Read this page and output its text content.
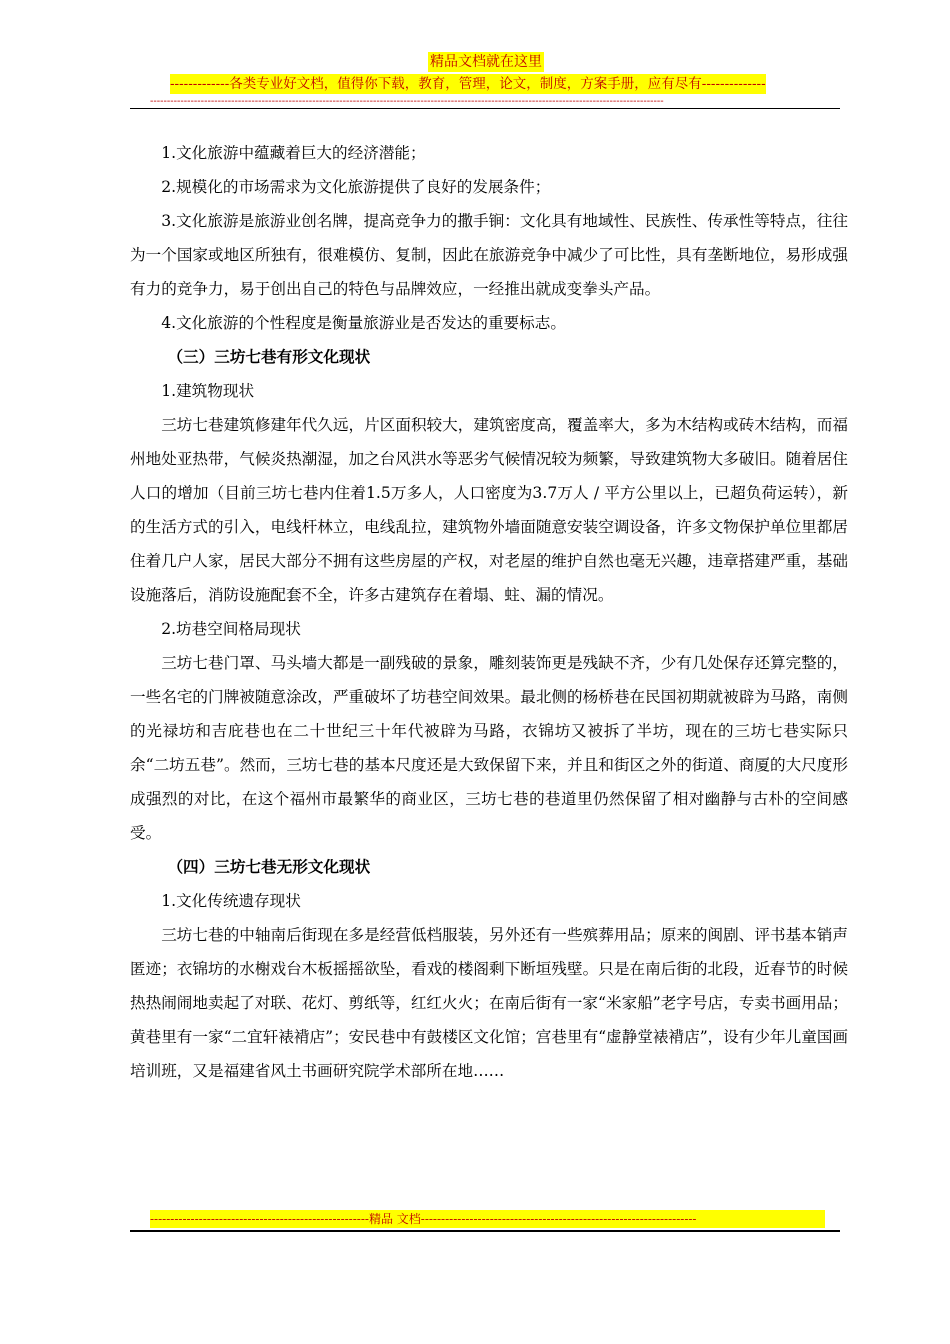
精品文档就在这里
-------------各类专业好文档，值得你下载，教育，管理，论文，制度，方案手册，应有尽有--------------
--------------------------------------------------------------------------------------------------------------------------------------------------------

1.文化旅游中蕴藏着巨大的经济潜能；

2.规模化的市场需求为文化旅游提供了良好的发展条件；

3.文化旅游是旅游业创名牌，提高竞争力的撒手锏：文化具有地域性、民族性、传承性等特点，往往为一个国家或地区所独有，很难模仿、复制，因此在旅游竞争中减少了可比性，具有垄断地位，易形成强有力的竞争力，易于创出自己的特色与品牌效应，一经推出就成变拳头产品。

4.文化旅游的个性程度是衡量旅游业是否发达的重要标志。

（三）三坊七巷有形文化现状

1.建筑物现状

三坊七巷建筑修建年代久远，片区面积较大，建筑密度高，覆盖率大，多为木结构或砖木结构，而福州地处亚热带，气候炎热潮湿，加之台风洪水等恶劣气候情况较为频繁，导致建筑物大多破旧。随着居住人口的增加（目前三坊七巷内住着1.5万多人，人口密度为3.7万人 / 平方公里以上，已超负荷运转），新的生活方式的引入，电线杆林立，电线乱拉，建筑物外墙面随意安装空调设备，许多文物保护单位里都居住着几户人家，居民大部分不拥有这些房屋的产权，对老屋的维护自然也毫无兴趣，违章搭建严重，基础设施落后，消防设施配套不全，许多古建筑存在着塌、蛀、漏的情况。

2.坊巷空间格局现状

三坊七巷门罩、马头墙大都是一副残破的景象，雕刻装饰更是残缺不齐，少有几处保存还算完整的，一些名宅的门牌被随意涂改，严重破坏了坊巷空间效果。最北侧的杨桥巷在民国初期就被辟为马路，南侧的光禄坊和吉庇巷也在二十世纪三十年代被辟为马路，衣锦坊又被拆了半坊，现在的三坊七巷实际只余“二坊五巷”。然而，三坊七巷的基本尺度还是大致保留下来，并且和街区之外的街道、商厦的大尺度形成强烈的对比，在这个福州市最繁华的商业区，三坊七巷的巷道里仍然保留了相对幽静与古朴的空间感受。

（四）三坊七巷无形文化现状

1.文化传统遗存现状

三坊七巷的中轴南后街现在多是经营低档服装，另外还有一些殡葬用品；原来的闽剧、评书基本销声匿迹；衣锦坊的水榭戏台木板摇摇欲坠，看戏的楼阁剩下断垣残壁。只是在南后街的北段，近春节的时候热热闹闹地卖起了对联、花灯、剪纸等，红红火火；在南后街有一家“米家船”老字号店，专卖书画用品；黄巷里有一家“二宜轩裱褙店”；安民巷中有鼓楼区文化馆；宫巷里有“虚静堂裱褙店”，设有少年儿童国画培训班，又是福建省风土书画研究院学术部所在地……

------------------------------------------------------精品 文档--------------------------------------------------------------------
